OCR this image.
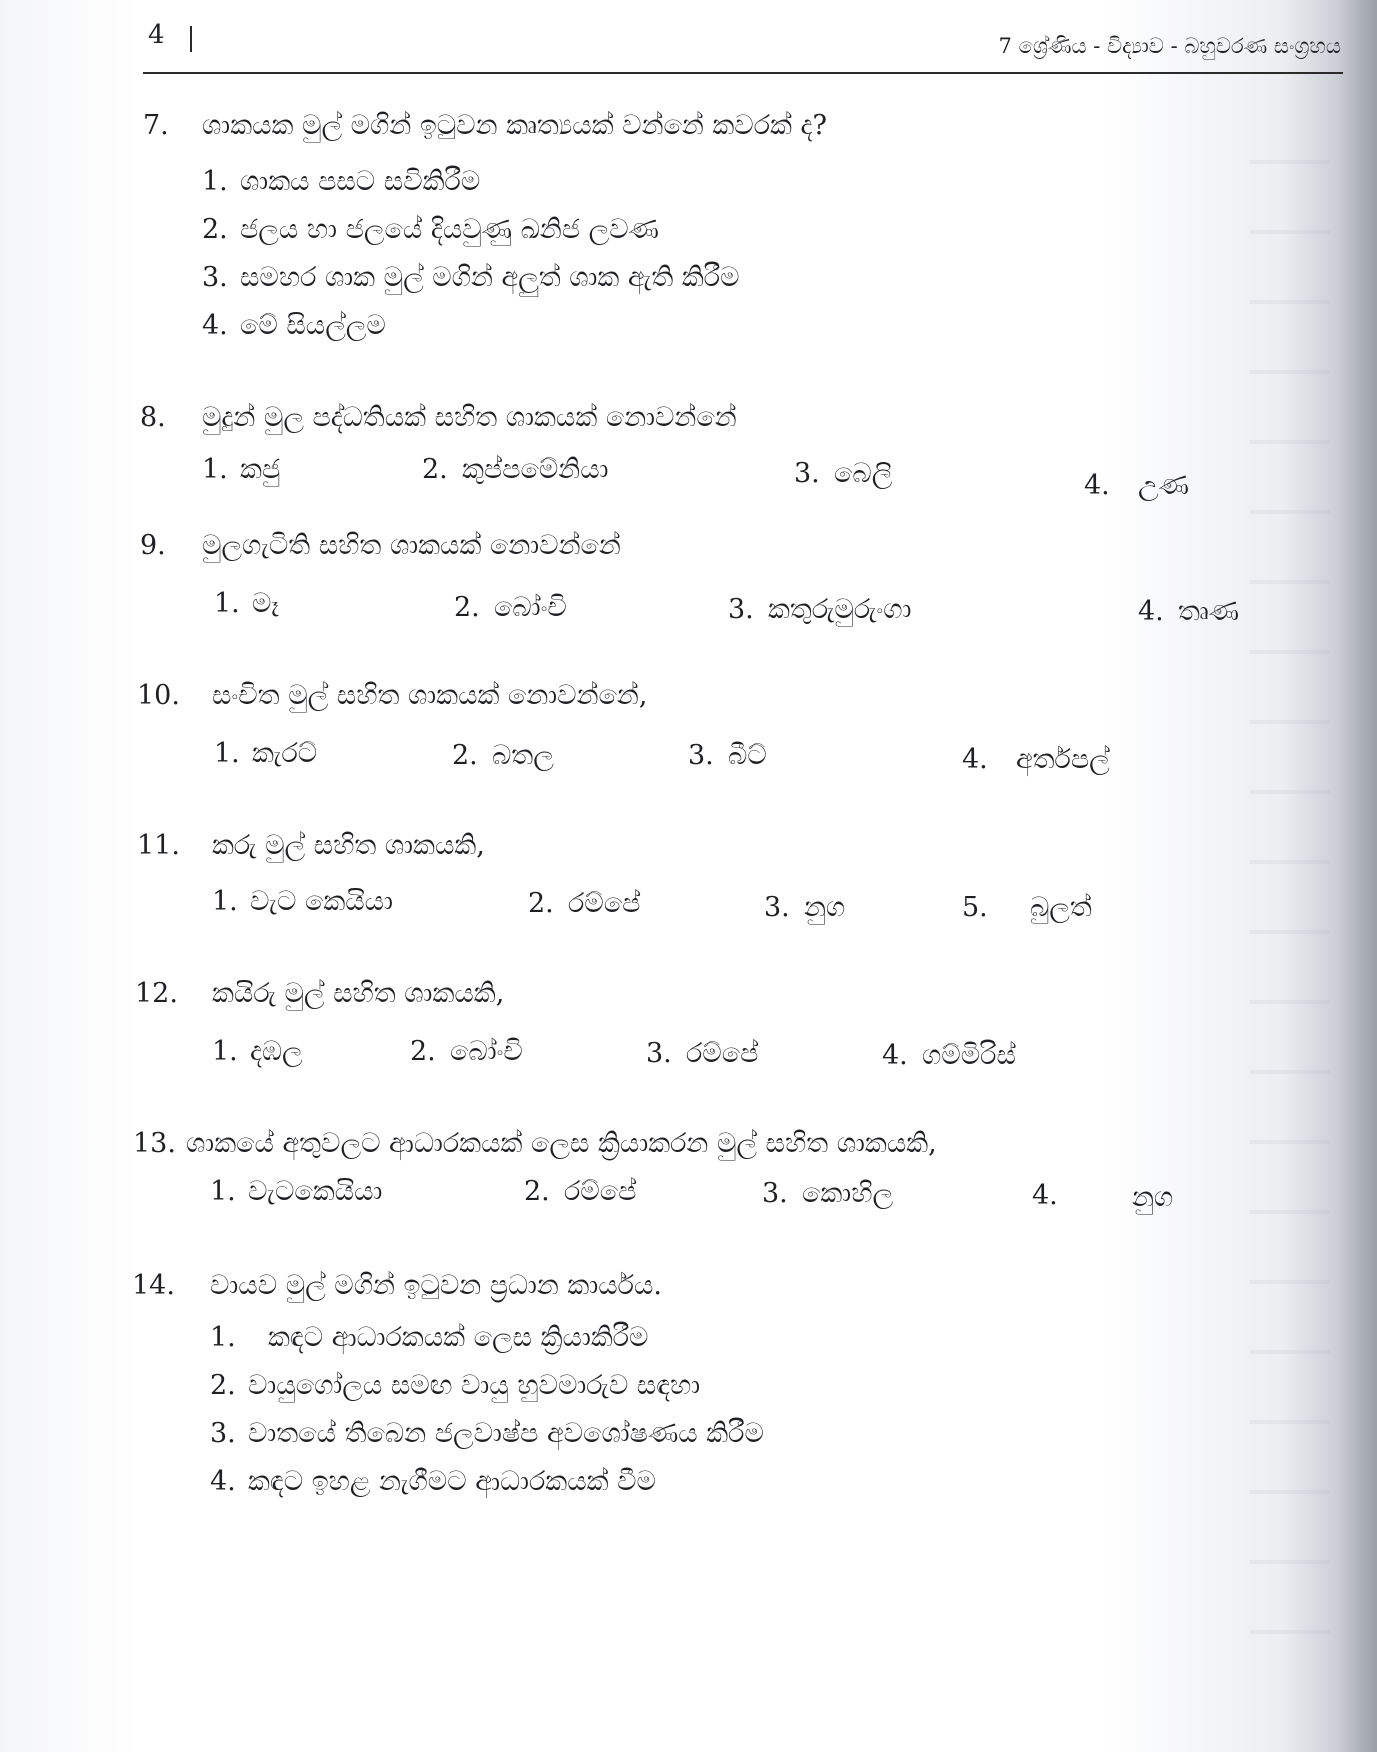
4	7 ශ්‍රේණිය - විද්‍යාව - බහුවරණ සංග්‍රහය
7. ශාකයක මුල් මගින් ඉටුවන කෘත්‍යයක් වන්නේ කවරක් ද?
1. ශාකය පසට සවිකිරීම
2. ජලය හා ජලයේ දියවුණු ඛනිජ ලවණ
3. සමහර ශාක මුල් මගින් අලුත් ශාක ඇති කිරීම
4. මේ සියල්ලම
8. මුදුන් මුල පද්ධතියක් සහිත ශාකයක් නොවන්නේ
1. කජු	2. කුප්පමේනියා	3. බෙලි	4. උණ
9. මුලගැටිති සහිත ශාකයක් නොවන්නේ
1. මෑ	2. බෝංචි	3. කතුරුමුරුංගා	4. තෘණ
10. සංචිත මුල් සහිත ශාකයක් නොවන්නේ,
1. කැරට්	2. බතල	3. බීට්	4. අර්තපල්
11. කරු මුල් සහිත ශාකයකි,
1. වැට කෙයියා	2. රම්පේ	3. නුග	5. බුලත්
12. කයිරු මුල් සහිත ශාකයකි,
1. දඹල	2. බෝංචි	3. රම්පේ	4. ගම්මිරිස්
13. ශාකයේ අතුවලට ආධාරකයක් ලෙස ක්‍රියාකරන මුල් සහිත ශාකයකි,
1. වැටකෙයියා	2. රම්පේ	3. කොහිල	4.	නුග
14. වායව මුල් මගින් ඉටුවන ප්‍රධාන කාර්යය.
1. කඳට ආධාරකයක් ලෙස ක්‍රියාකිරීම
2. වායුගෝලය සමඟ වායු හුවමාරුව සඳහා
3. වාතයේ තිබෙන ජලවාෂ්ප අවශෝෂණය කිරීම
4. කඳට ඉහළ නැගීමට ආධාරකයක් වීම
